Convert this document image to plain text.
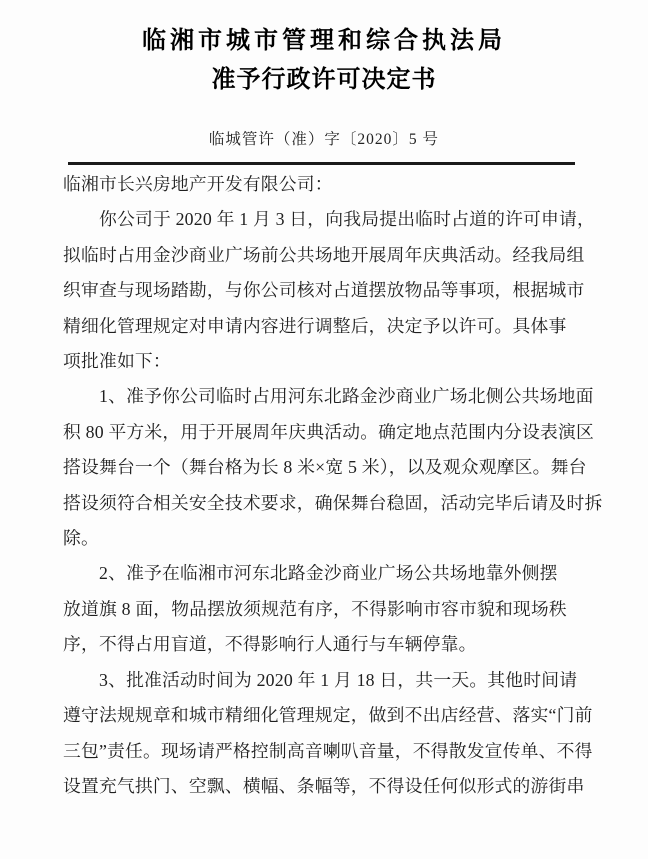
临湘市城市管理和综合执法局
准予行政许可决定书
临城管许（准）字〔2020〕5 号
临湘市长兴房地产开发有限公司：
你公司于 2020 年 1 月 3 日，向我局提出临时占道的许可申请，
拟临时占用金沙商业广场前公共场地开展周年庆典活动。经我局组
织审查与现场踏勘，与你公司核对占道摆放物品等事项，根据城市
精细化管理规定对申请内容进行调整后，决定予以许可。具体事
项批准如下：
1、准予你公司临时占用河东北路金沙商业广场北侧公共场地面
积 80 平方米，用于开展周年庆典活动。确定地点范围内分设表演区
搭设舞台一个（舞台格为长 8 米×宽 5 米），以及观众观摩区。舞台
搭设须符合相关安全技术要求，确保舞台稳固，活动完毕后请及时拆
除。
2、准予在临湘市河东北路金沙商业广场公共场地靠外侧摆
放道旗 8 面，物品摆放须规范有序，不得影响市容市貌和现场秩
序，不得占用盲道，不得影响行人通行与车辆停靠。
3、批准活动时间为 2020 年 1 月 18 日，共一天。其他时间请
遵守法规规章和城市精细化管理规定，做到不出店经营、落实“门前
三包”责任。现场请严格控制高音喇叭音量，不得散发宣传单、不得
设置充气拱门、空飘、横幅、条幅等，不得设任何似形式的游街串
